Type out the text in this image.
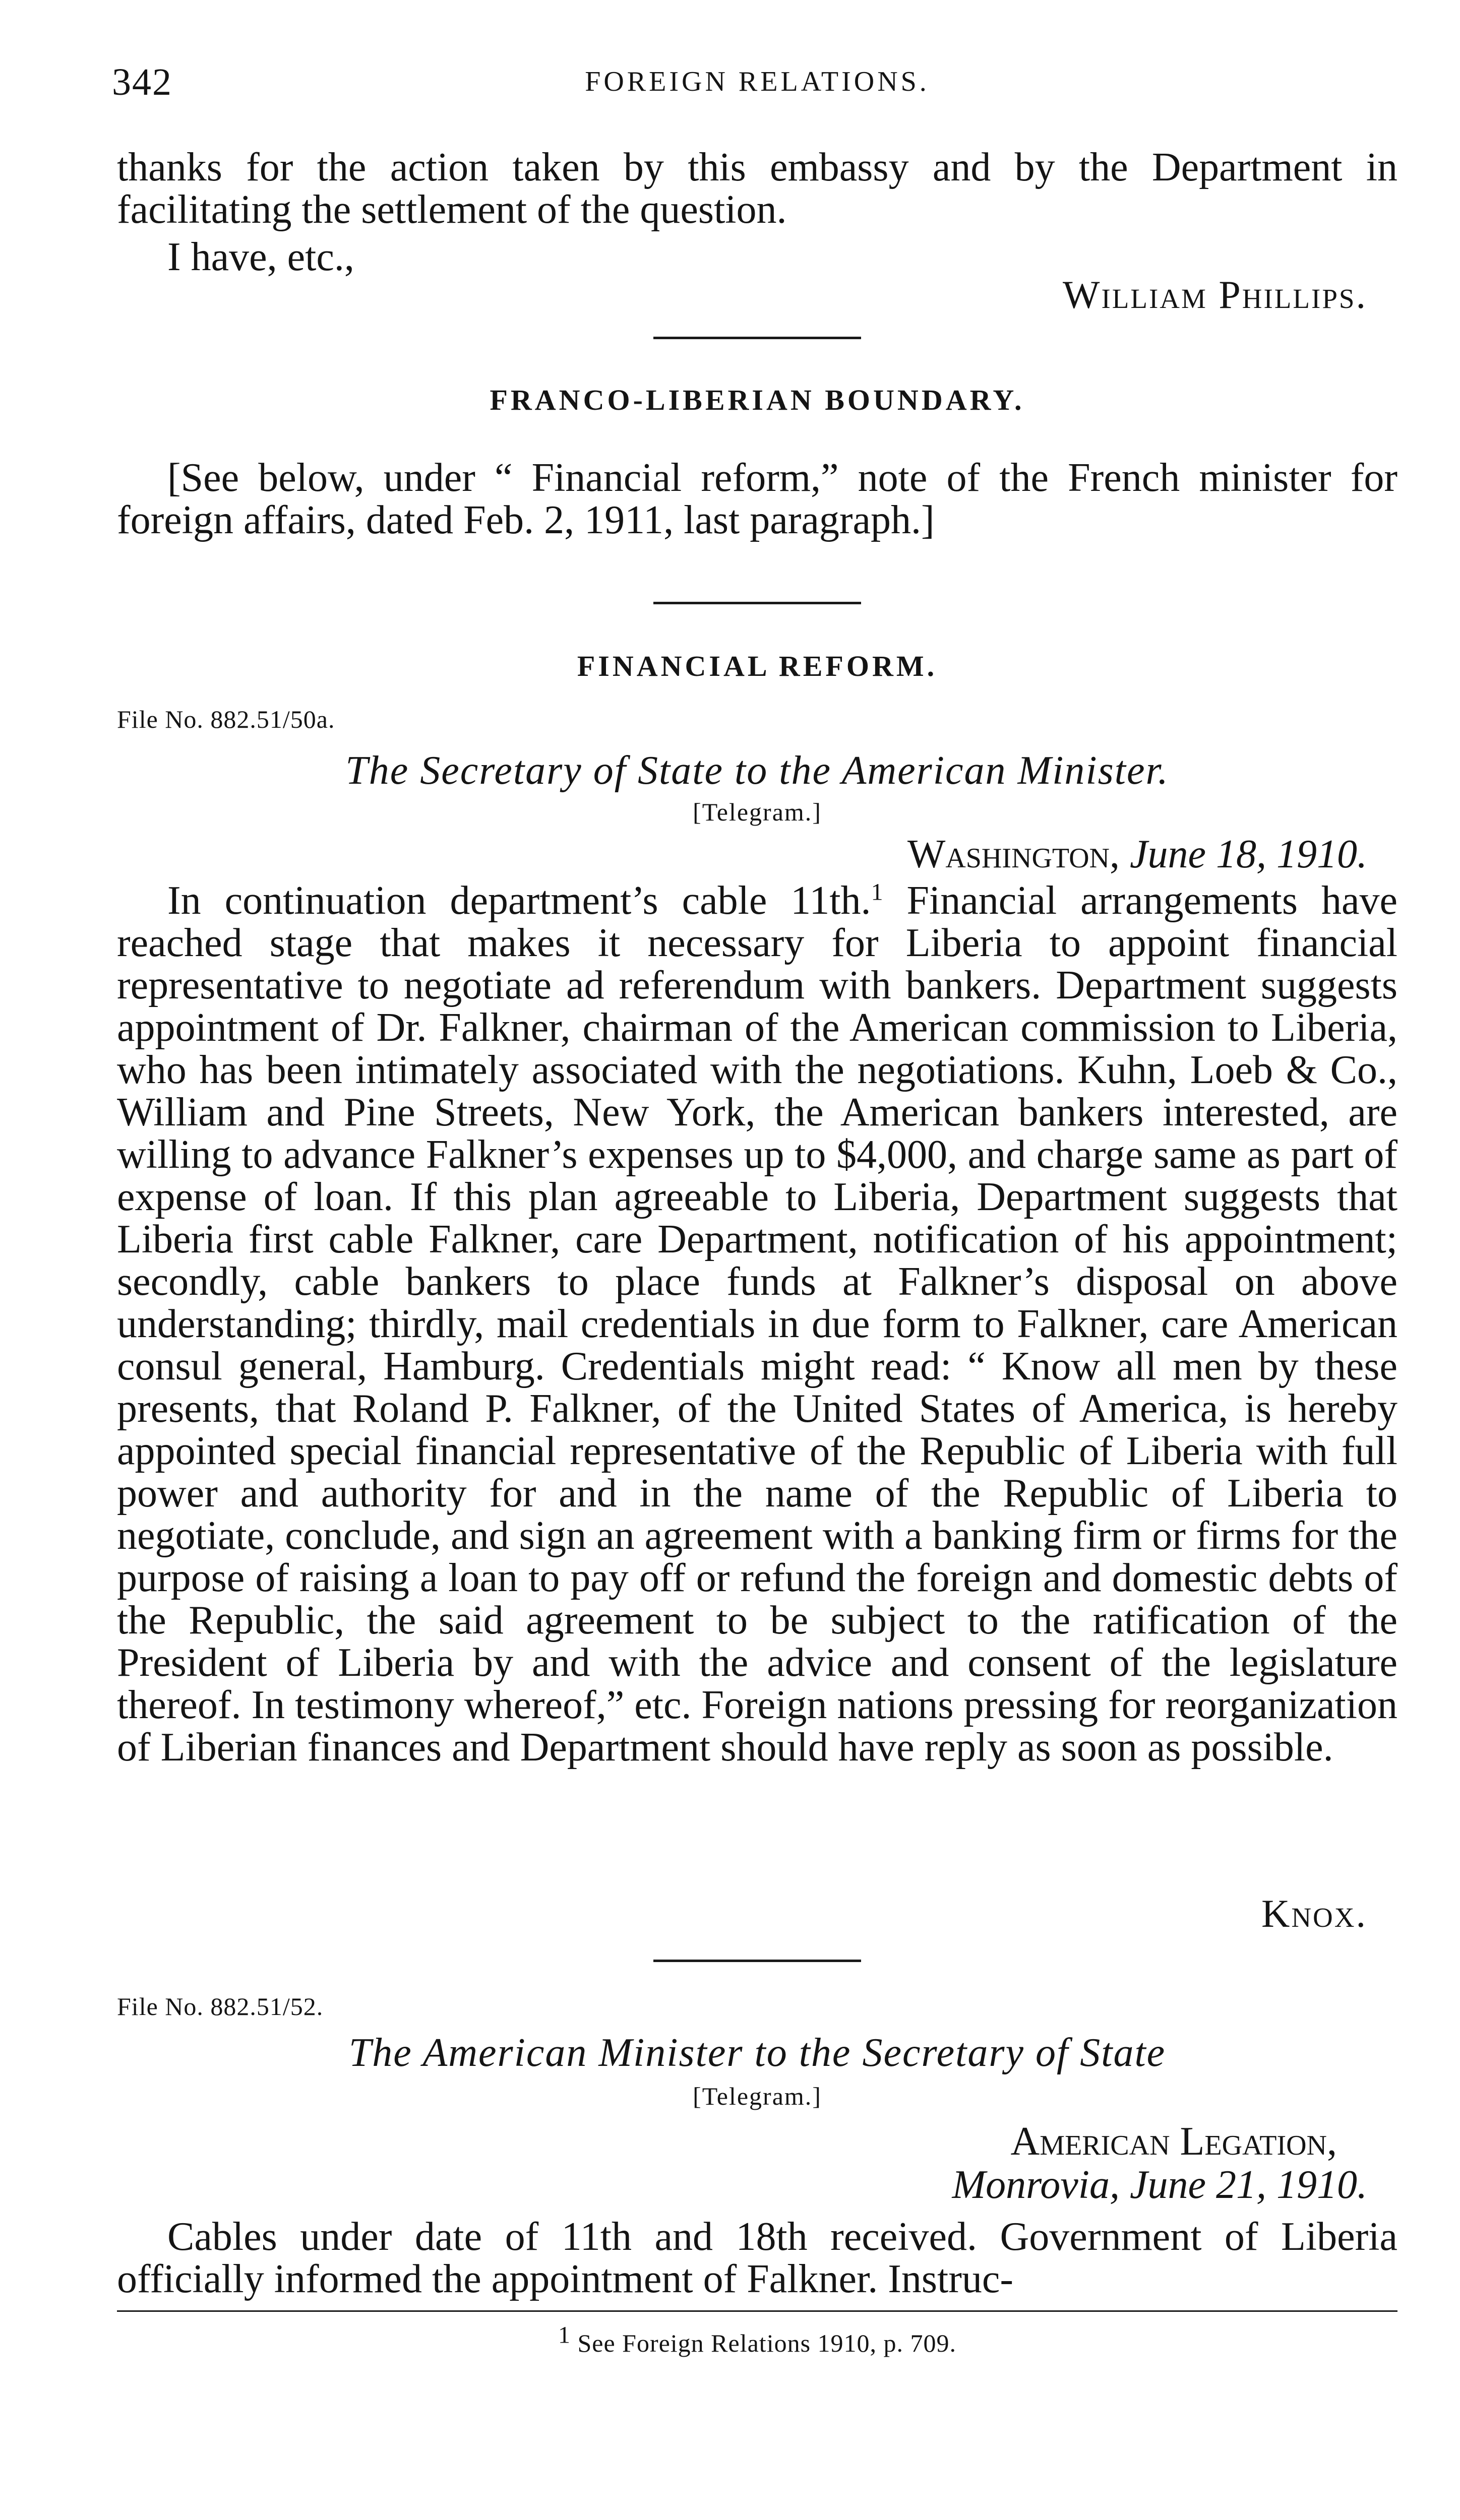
342	FOREIGN RELATIONS.

thanks for the action taken by this embassy and by the Department in facilitating the settlement of the question.

I have, etc.,

William Phillips.
FRANCO-LIBERIAN BOUNDARY.

[See below, under “ Financial reform,” note of the French minister for foreign affairs, dated Feb. 2, 1911, last paragraph.]

FINANCIAL REFORM.
File No. 882.51/50a.
The Secretary of State to the American Minister.
[Telegram.]
Washington, June 18, 1910.

In continuation department’s cable 11th.$^1$ Financial arrangements have reached stage that makes it necessary for Liberia to appoint financial representative to negotiate ad referendum with bankers. Department suggests appointment of Dr. Falkner, chairman of the American commission to Liberia, who has been intimately associated with the negotiations. Kuhn, Loeb & Co., William and Pine Streets, New York, the American bankers interested, are willing to advance Falkner’s expenses up to $4,000, and charge same as part of expense of loan. If this plan agreeable to Liberia, Department suggests that Liberia first cable Falkner, care Department, notification of his appointment; secondly, cable bankers to place funds at Falkner’s disposal on above understanding; thirdly, mail credentials in due form to Falkner, care American consul general, Hamburg. Credentials might read: “ Know all men by these presents, that Roland P. Falkner, of the United States of America, is hereby appointed special financial representative of the Republic of Liberia with full power and authority for and in the name of the Republic of Liberia to negotiate, conclude, and sign an agreement with a banking firm or firms for the purpose of raising a loan to pay off or refund the foreign and domestic debts of the Republic, the said agreement to be subject to the ratification of the President of Liberia by and with the advice and consent of the legislature thereof. In testimony whereof,” etc. Foreign nations pressing for reorganization of Liberian finances and Department should have reply as soon as possible.

Knox.
File No. 882.51/52.
The American Minister to the Secretary of State
[Telegram.]
American Legation,
Monrovia, June 21, 1910.

Cables under date of 11th and 18th received. Government of Liberia officially informed the appointment of Falkner. Instruc-

$^1$ See Foreign Relations 1910, p. 709.
